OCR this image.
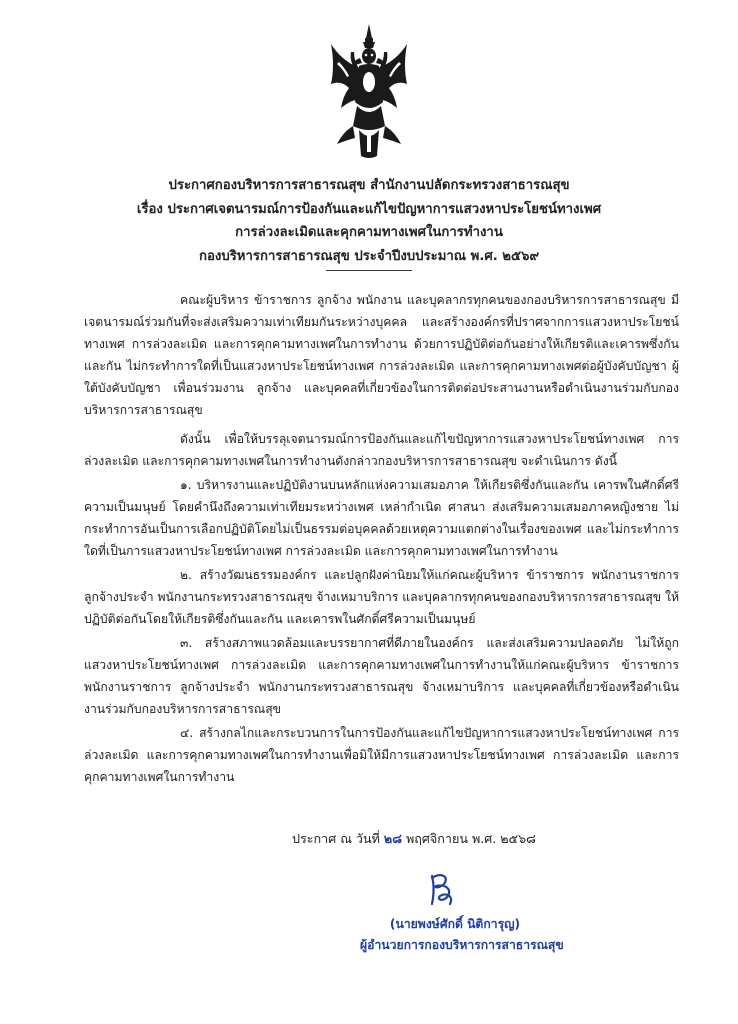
ประกาศกองบริหารการสาธารณสุข สำนักงานปลัดกระทรวงสาธารณสุข
เรื่อง ประกาศเจตนารมณ์การป้องกันและแก้ไขปัญหาการแสวงหาประโยชน์ทางเพศ
การล่วงละเมิดและคุกคามทางเพศในการทำงาน
กองบริหารการสาธารณสุข ประจำปีงบประมาณ พ.ศ. ๒๕๖๙

คณะผู้บริหาร ข้าราชการ ลูกจ้าง พนักงาน และบุคลากรทุกคนของกองบริหารการสาธารณสุข มีเจตนารมณ์ร่วมกันที่จะส่งเสริมความเท่าเทียมกันระหว่างบุคคล และสร้างองค์กรที่ปราศจากการแสวงหาประโยชน์ทางเพศ การล่วงละเมิด และการคุกคามทางเพศในการทำงาน ด้วยการปฏิบัติต่อกันอย่างให้เกียรติและเคารพซึ่งกันและกัน ไม่กระทำการใดที่เป็นแสวงหาประโยชน์ทางเพศ การล่วงละเมิด และการคุกคามทางเพศต่อผู้บังคับบัญชา ผู้ใต้บังคับบัญชา เพื่อนร่วมงาน ลูกจ้าง และบุคคลที่เกี่ยวข้องในการติดต่อประสานงานหรือดำเนินงานร่วมกับกองบริหารการสาธารณสุข

ดังนั้น เพื่อให้บรรลุเจตนารมณ์การป้องกันและแก้ไขปัญหาการแสวงหาประโยชน์ทางเพศ การล่วงละเมิด และการคุกคามทางเพศในการทำงานดังกล่าวกองบริหารการสาธารณสุข จะดำเนินการ ดังนี้

๑. บริหารงานและปฏิบัติงานบนหลักแห่งความเสมอภาค ให้เกียรติซึ่งกันและกัน เคารพในศักดิ์ศรีความเป็นมนุษย์ โดยคำนึงถึงความเท่าเทียมระหว่างเพศ เหล่ากำเนิด ศาสนา ส่งเสริมความเสมอภาคหญิงชาย ไม่กระทำการอันเป็นการเลือกปฏิบัติโดยไม่เป็นธรรมต่อบุคคลด้วยเหตุความแตกต่างในเรื่องของเพศ และไม่กระทำการใดที่เป็นการแสวงหาประโยชน์ทางเพศ การล่วงละเมิด และการคุกคามทางเพศในการทำงาน

๒. สร้างวัฒนธรรมองค์กร และปลูกฝังค่านิยมให้แก่คณะผู้บริหาร ข้าราชการ พนักงานราชการ ลูกจ้างประจำ พนักงานกระทรวงสาธารณสุข จ้างเหมาบริการ และบุคลากรทุกคนของกองบริหารการสาธารณสุข ให้ปฏิบัติต่อกันโดยให้เกียรติซึ่งกันและกัน และเคารพในศักดิ์ศรีความเป็นมนุษย์

๓. สร้างสภาพแวดล้อมและบรรยากาศที่ดีภายในองค์กร และส่งเสริมความปลอดภัย ไม่ให้ถูกแสวงหาประโยชน์ทางเพศ การล่วงละเมิด และการคุกคามทางเพศในการทำงานให้แก่คณะผู้บริหาร ข้าราชการ พนักงานราชการ ลูกจ้างประจำ พนักงานกระทรวงสาธารณสุข จ้างเหมาบริการ และบุคคลที่เกี่ยวข้องหรือดำเนินงานร่วมกับกองบริหารการสาธารณสุข

๔. สร้างกลไกและกระบวนการในการป้องกันและแก้ไขปัญหาการแสวงหาประโยชน์ทางเพศ การล่วงละเมิด และการคุกคามทางเพศในการทำงานเพื่อมิให้มีการแสวงหาประโยชน์ทางเพศ การล่วงละเมิด และการคุกคามทางเพศในการทำงาน

ประกาศ ณ วันที่ ๒๘ พฤศจิกายน พ.ศ. ๒๕๖๘
(นายพงษ์ศักดิ์ นิติการุญ)
ผู้อำนวยการกองบริหารการสาธารณสุข
